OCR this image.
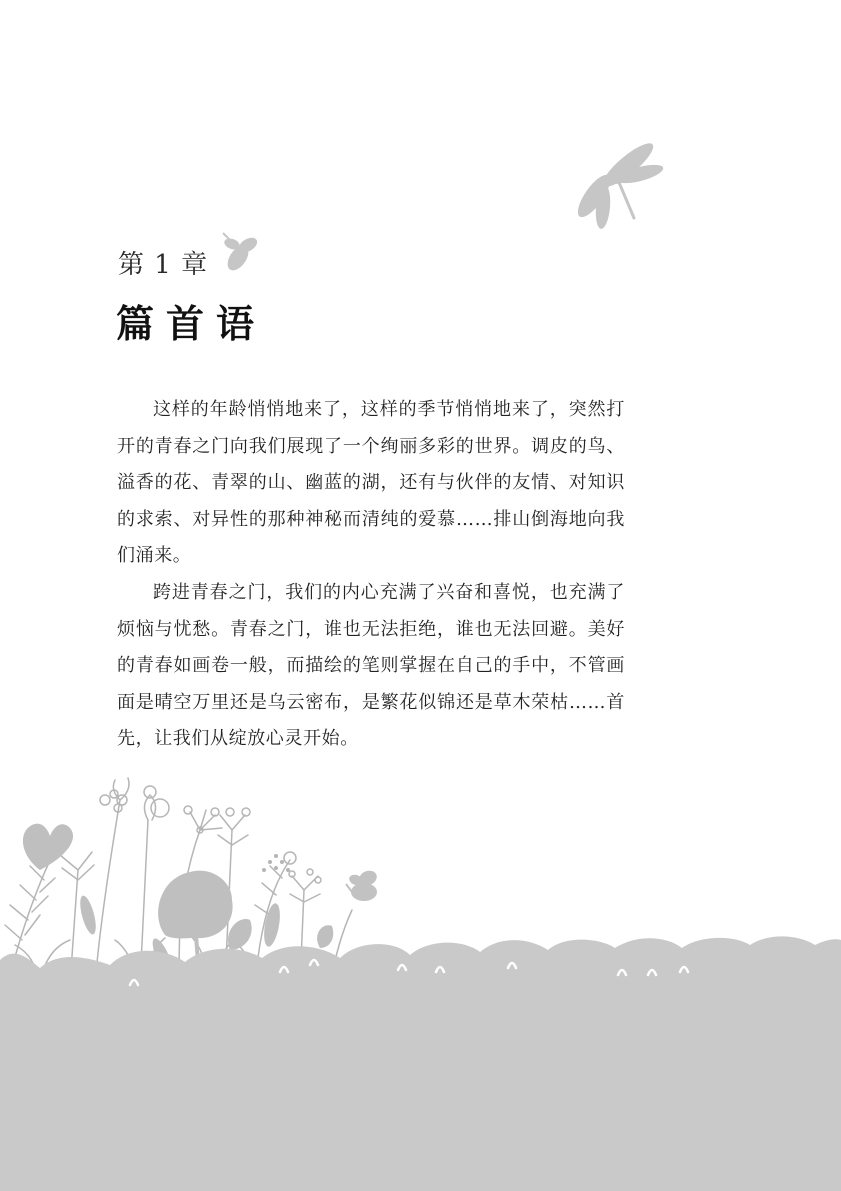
第 1 章
篇首语

这样的年龄悄悄地来了，这样的季节悄悄地来了，突然打开的青春之门向我们展现了一个绚丽多彩的世界。调皮的鸟、溢香的花、青翠的山、幽蓝的湖，还有与伙伴的友情、对知识的求索、对异性的那种神秘而清纯的爱慕……排山倒海地向我们涌来。

跨进青春之门，我们的内心充满了兴奋和喜悦，也充满了烦恼与忧愁。青春之门，谁也无法拒绝，谁也无法回避。美好的青春如画卷一般，而描绘的笔则掌握在自己的手中，不管画面是晴空万里还是乌云密布，是繁花似锦还是草木荣枯……首先，让我们从绽放心灵开始。
